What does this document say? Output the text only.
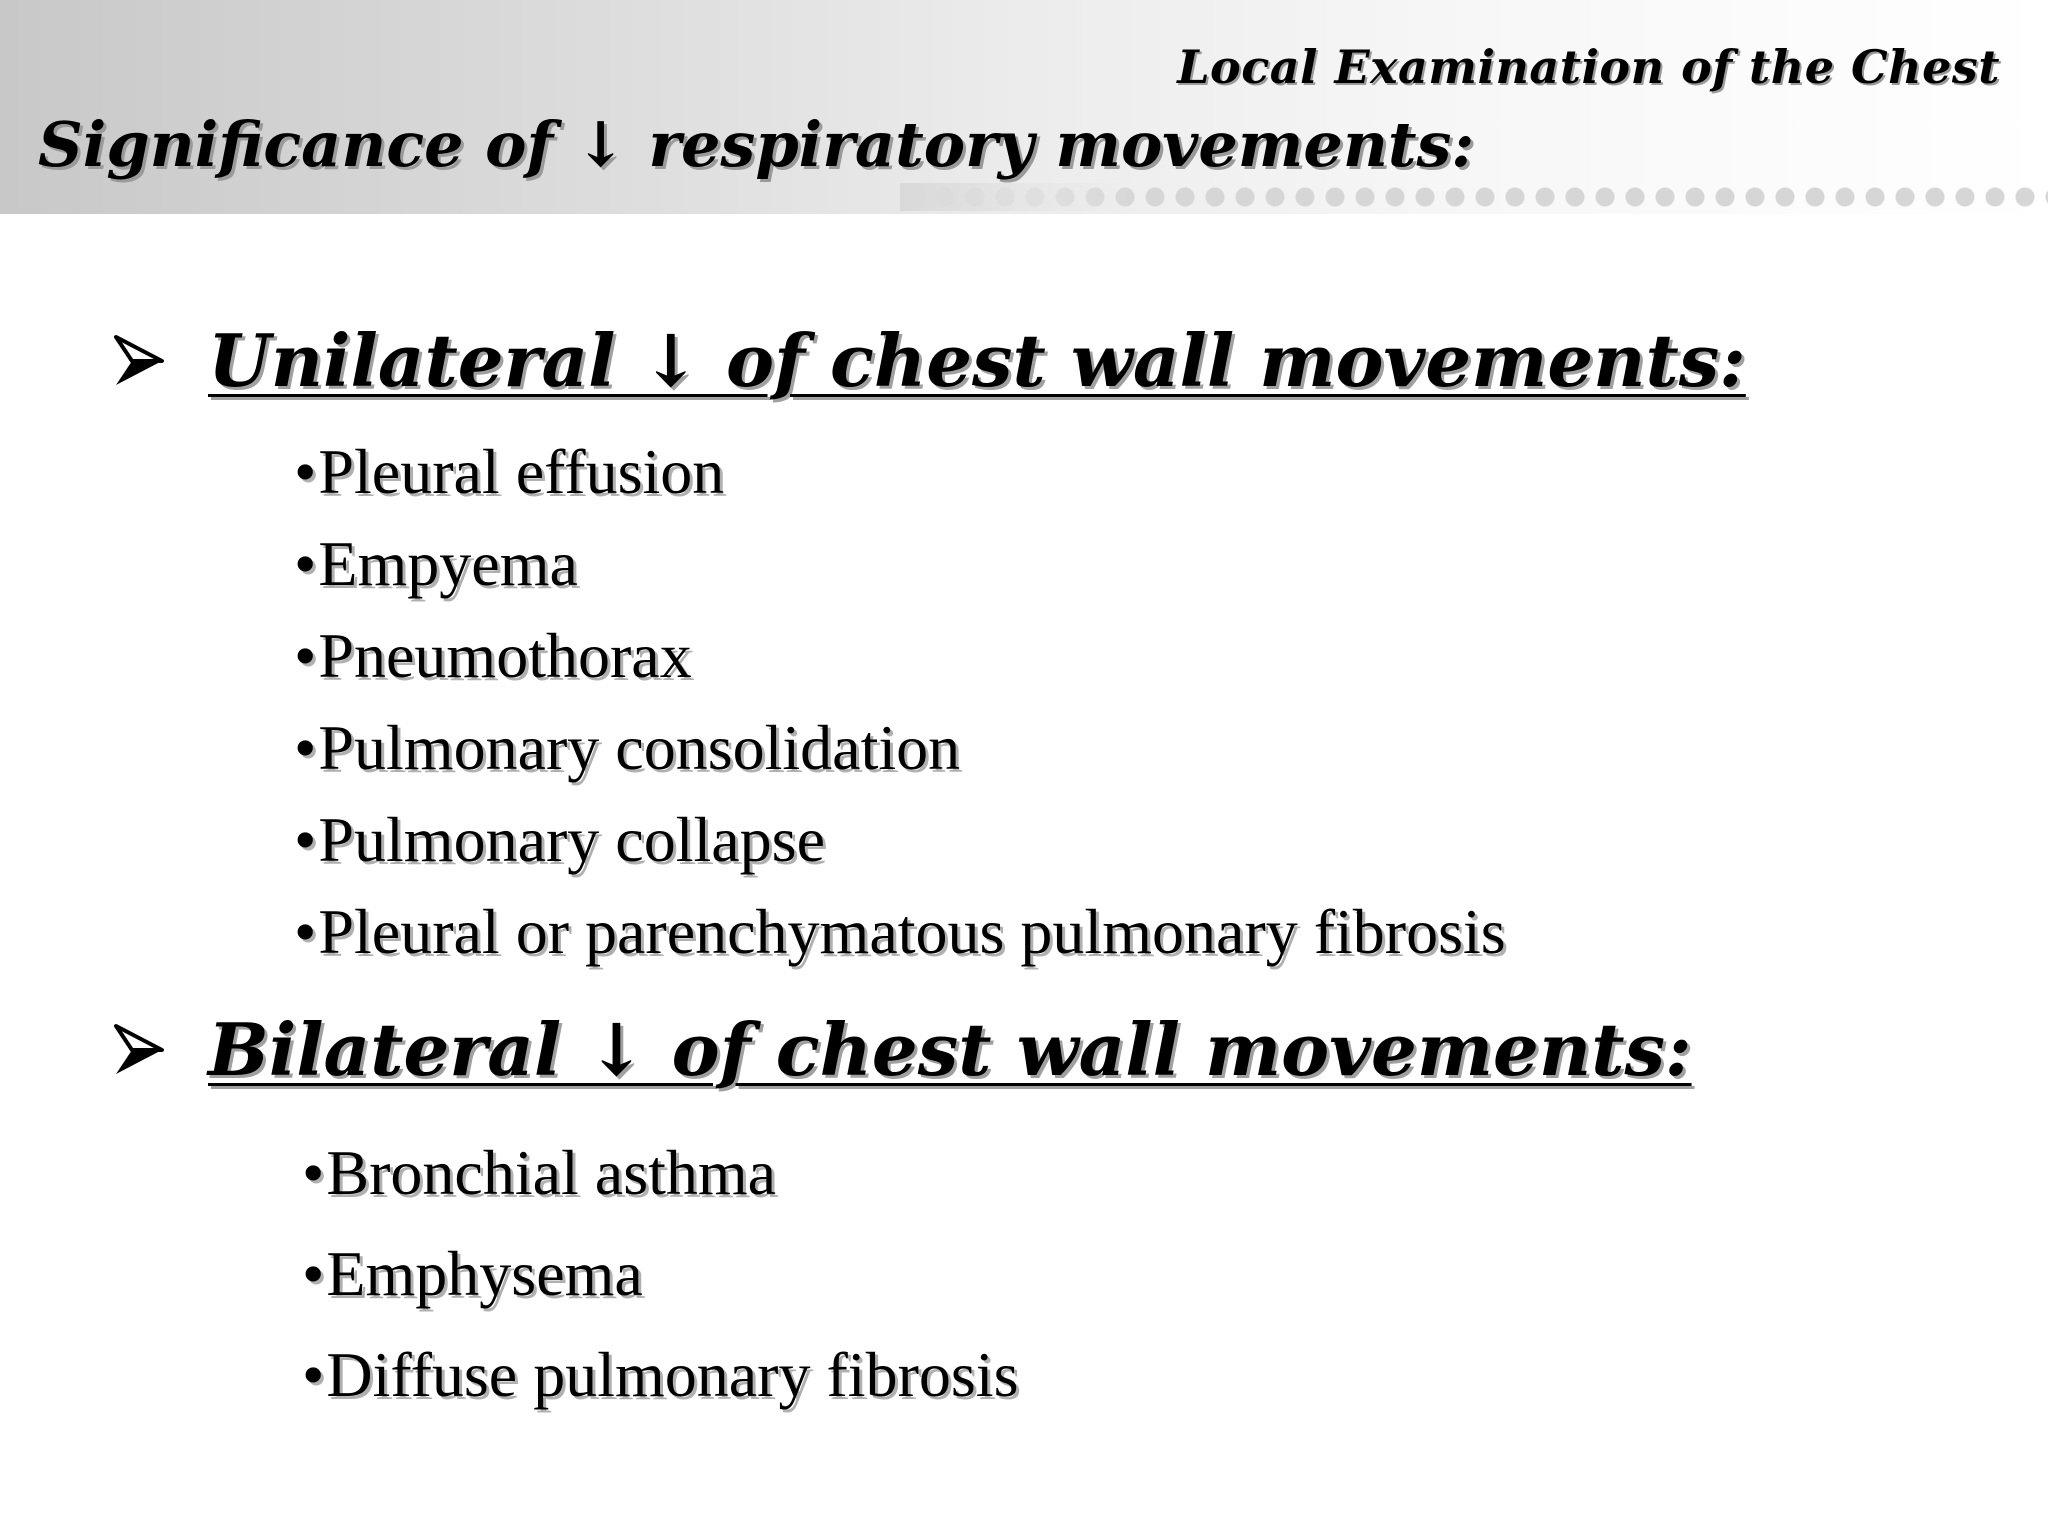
Local Examination of the Chest
Significance of ↓ respiratory movements:
Unilateral ↓ of chest wall movements:
• Pleural effusion
• Empyema
• Pneumothorax
• Pulmonary consolidation
• Pulmonary collapse
• Pleural or parenchymatous pulmonary fibrosis
Bilateral ↓ of chest wall movements:
• Bronchial asthma
• Emphysema
• Diffuse pulmonary fibrosis
